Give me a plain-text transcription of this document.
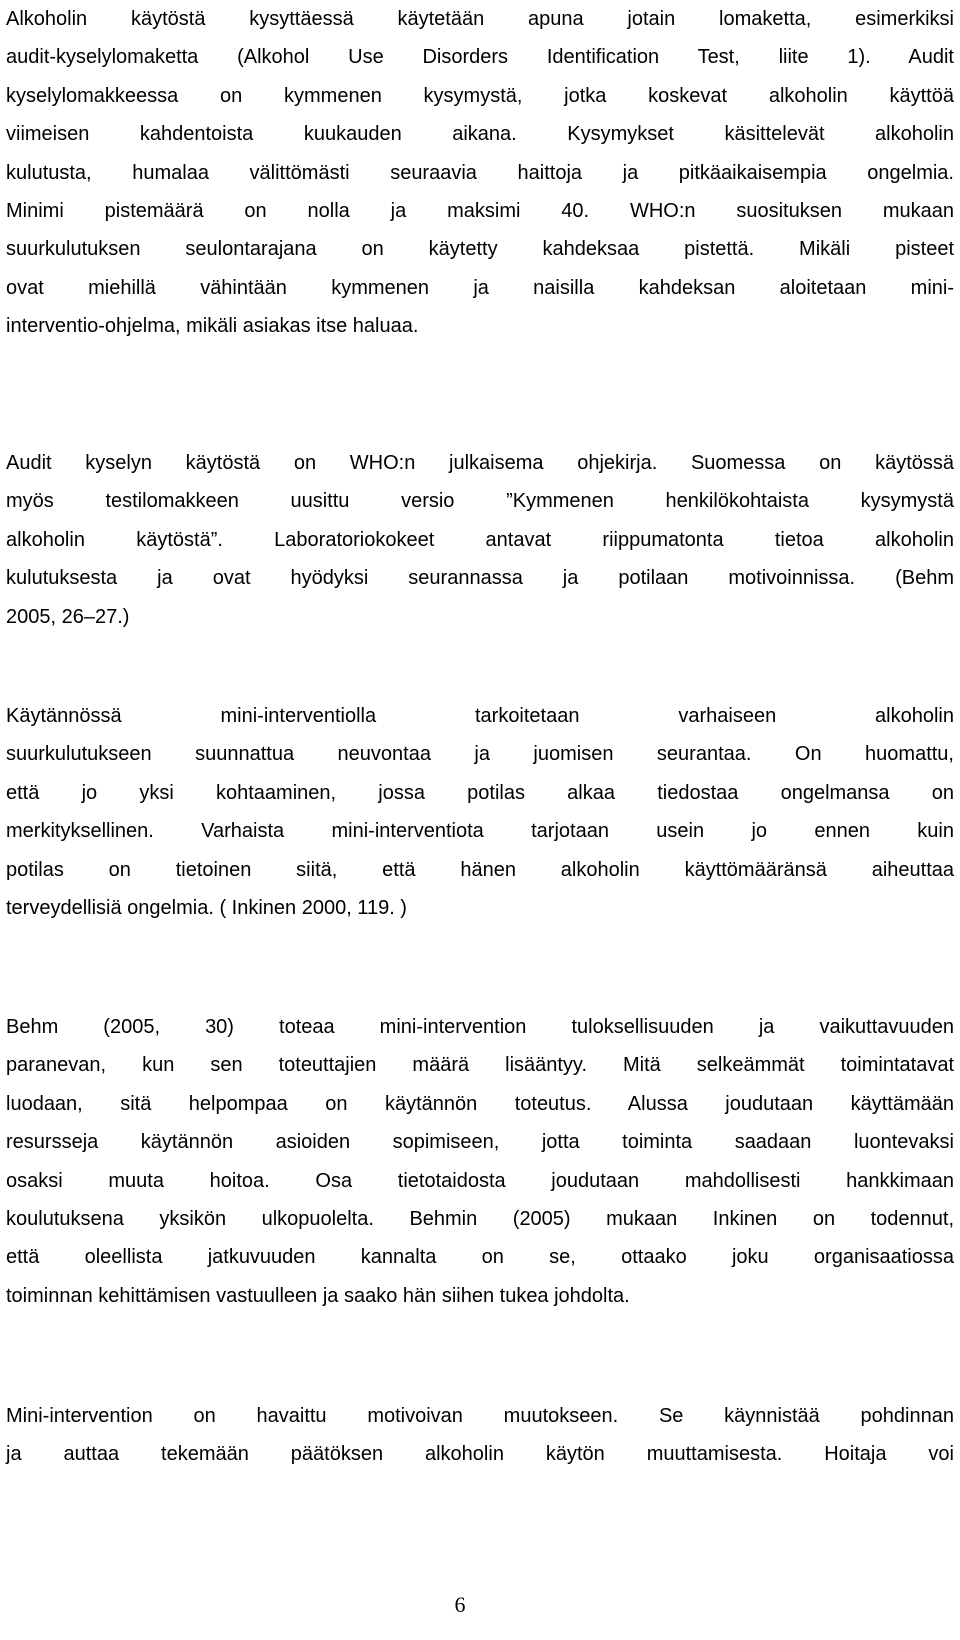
Alkoholin käytöstä kysyttäessä käytetään apuna jotain lomaketta, esimerkiksi
audit-kyselylomaketta (Alkohol Use Disorders Identification Test, liite 1). Audit
kyselylomakkeessa on kymmenen kysymystä, jotka koskevat alkoholin käyttöä
viimeisen kahdentoista kuukauden aikana. Kysymykset käsittelevät alkoholin
kulutusta, humalaa välittömästi seuraavia haittoja ja pitkäaikaisempia ongelmia.
Minimi pistemäärä on nolla ja maksimi 40. WHO:n suosituksen mukaan
suurkulutuksen seulontarajana on käytetty kahdeksaa pistettä. Mikäli pisteet
ovat miehillä vähintään kymmenen ja naisilla kahdeksan aloitetaan mini-
interventio-ohjelma, mikäli asiakas itse haluaa.
Audit kyselyn käytöstä on WHO:n julkaisema ohjekirja. Suomessa on käytössä
myös testilomakkeen uusittu versio ”Kymmenen henkilökohtaista kysymystä
alkoholin käytöstä”. Laboratoriokokeet antavat riippumatonta tietoa alkoholin
kulutuksesta ja ovat hyödyksi seurannassa ja potilaan motivoinnissa. (Behm
2005, 26–27.)
Käytännössä mini-interventiolla tarkoitetaan varhaiseen alkoholin
suurkulutukseen suunnattua neuvontaa ja juomisen seurantaa. On huomattu,
että jo yksi kohtaaminen, jossa potilas alkaa tiedostaa ongelmansa on
merkityksellinen. Varhaista mini-interventiota tarjotaan usein jo ennen kuin
potilas on tietoinen siitä, että hänen alkoholin käyttömääränsä aiheuttaa
terveydellisiä ongelmia. ( Inkinen 2000, 119. )
Behm (2005, 30) toteaa mini-intervention tuloksellisuuden ja vaikuttavuuden
paranevan, kun sen toteuttajien määrä lisääntyy. Mitä selkeämmät toimintatavat
luodaan, sitä helpompaa on käytännön toteutus. Alussa joudutaan käyttämään
resursseja käytännön asioiden sopimiseen, jotta toiminta saadaan luontevaksi
osaksi muuta hoitoa. Osa tietotaidosta joudutaan mahdollisesti hankkimaan
koulutuksena yksikön ulkopuolelta. Behmin (2005) mukaan Inkinen on todennut,
että oleellista jatkuvuuden kannalta on se, ottaako joku organisaatiossa
toiminnan kehittämisen vastuulleen ja saako hän siihen tukea johdolta.
Mini-intervention on havaittu motivoivan muutokseen. Se käynnistää pohdinnan
ja auttaa tekemään päätöksen alkoholin käytön muuttamisesta. Hoitaja voi
6
